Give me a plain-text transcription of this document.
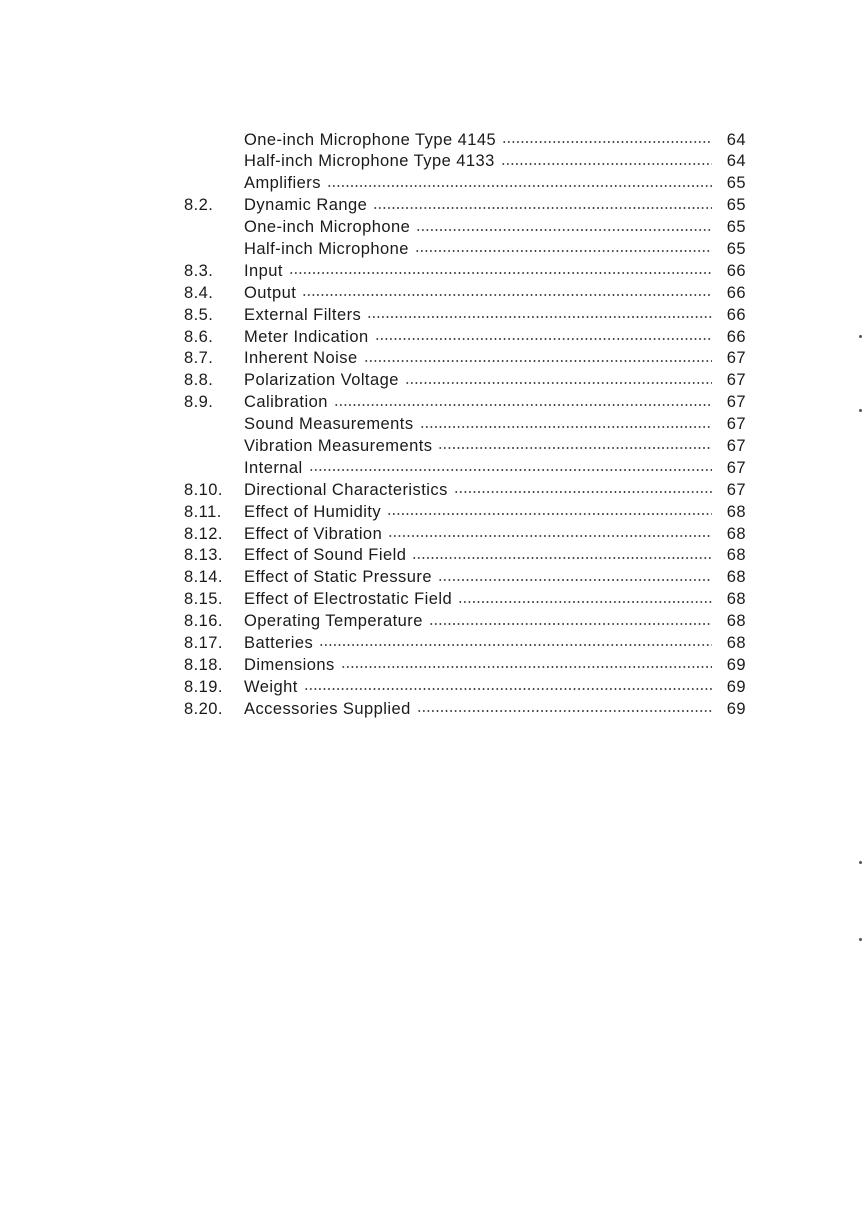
One-inch Microphone Type 4145	64
Half-inch Microphone Type 4133	64
Amplifiers	65
8.2.	Dynamic Range	65
One-inch Microphone	65
Half-inch Microphone	65
8.3.	Input	66
8.4.	Output	66
8.5.	External Filters	66
8.6.	Meter Indication	66
8.7.	Inherent Noise	67
8.8.	Polarization Voltage	67
8.9.	Calibration	67
Sound Measurements	67
Vibration Measurements	67
Internal	67
8.10.	Directional Characteristics	67
8.11.	Effect of Humidity	68
8.12.	Effect of Vibration	68
8.13.	Effect of Sound Field	68
8.14.	Effect of Static Pressure	68
8.15.	Effect of Electrostatic Field	68
8.16.	Operating Temperature	68
8.17.	Batteries	68
8.18.	Dimensions	69
8.19.	Weight	69
8.20.	Accessories Supplied	69
